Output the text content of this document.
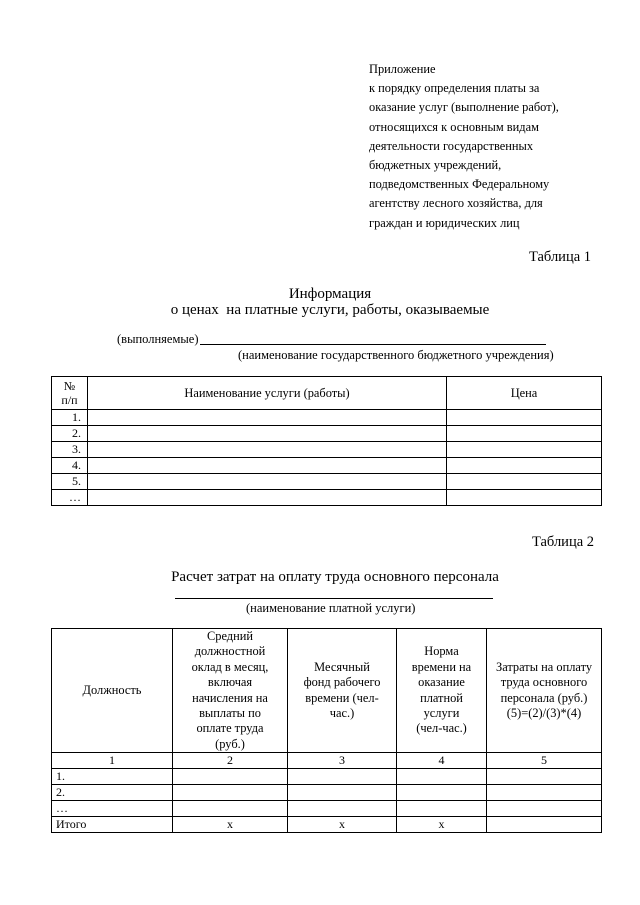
Приложение
к порядку определения платы за
оказание услуг (выполнение работ),
относящихся к основным видам
деятельности государственных
бюджетных учреждений,
подведомственных Федеральному
агентству лесного хозяйства, для
граждан и юридических лиц
Таблица 1
Информация
о ценах  на платные услуги, работы, оказываемые
(выполняемые)
(наименование государственного бюджетного учреждения)
№
п/п	Наименование услуги (работы)	Цена
1.		
2.		
3.		
4.		
5.		
…		
Таблица 2
Расчет затрат на оплату труда основного персонала
(наименование платной услуги)
Должность	Средний должностной оклад в месяц, включая начисления на выплаты по оплате труда (руб.)	Месячный фонд рабочего времени (чел-час.)	Норма времени на оказание платной услуги (чел-час.)	Затраты на оплату труда основного персонала (руб.) (5)=(2)/(3)*(4)
1	2	3	4	5
1.				
2.				
…				
Итого	x	x	x	
